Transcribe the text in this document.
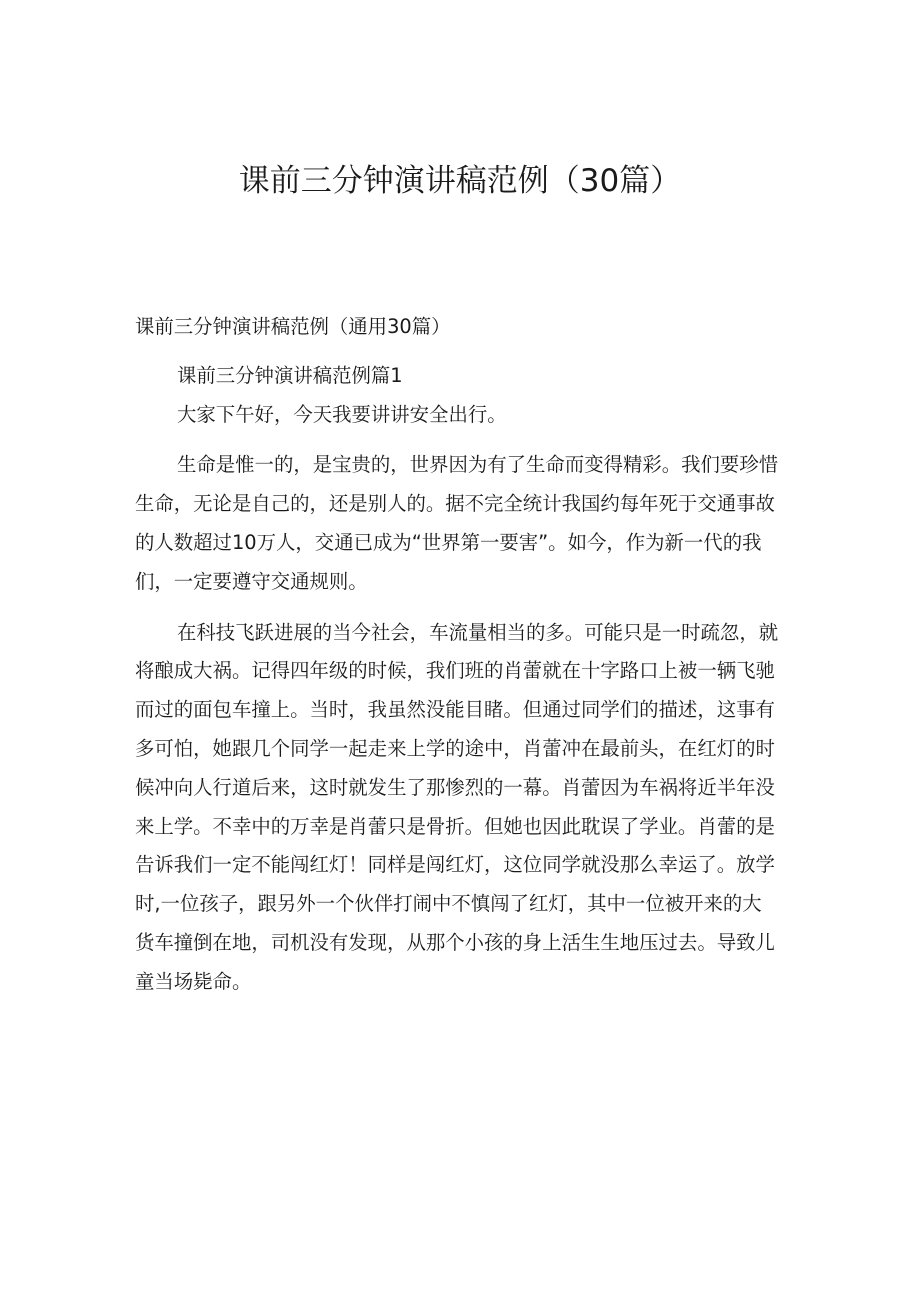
课前三分钟演讲稿范例（30篇）

课前三分钟演讲稿范例（通用30篇）

课前三分钟演讲稿范例篇1

大家下午好，今天我要讲讲安全出行。

生命是惟一的，是宝贵的，世界因为有了生命而变得精彩。我们要珍惜

生命，无论是自己的，还是别人的。据不完全统计我国约每年死于交通事故

的人数超过10万人，交通已成为“世界第一要害”。如今，作为新一代的我

们，一定要遵守交通规则。

在科技飞跃进展的当今社会，车流量相当的多。可能只是一时疏忽，就

将酿成大祸。记得四年级的时候，我们班的肖蕾就在十字路口上被一辆飞驰

而过的面包车撞上。当时，我虽然没能目睹。但通过同学们的描述，这事有

多可怕，她跟几个同学一起走来上学的途中，肖蕾冲在最前头，在红灯的时

候冲向人行道后来，这时就发生了那惨烈的一幕。肖蕾因为车祸将近半年没

来上学。不幸中的万幸是肖蕾只是骨折。但她也因此耽误了学业。肖蕾的是

告诉我们一定不能闯红灯！同样是闯红灯，这位同学就没那么幸运了。放学

时,一位孩子，跟另外一个伙伴打闹中不慎闯了红灯，其中一位被开来的大

货车撞倒在地，司机没有发现，从那个小孩的身上活生生地压过去。导致儿

童当场毙命。
